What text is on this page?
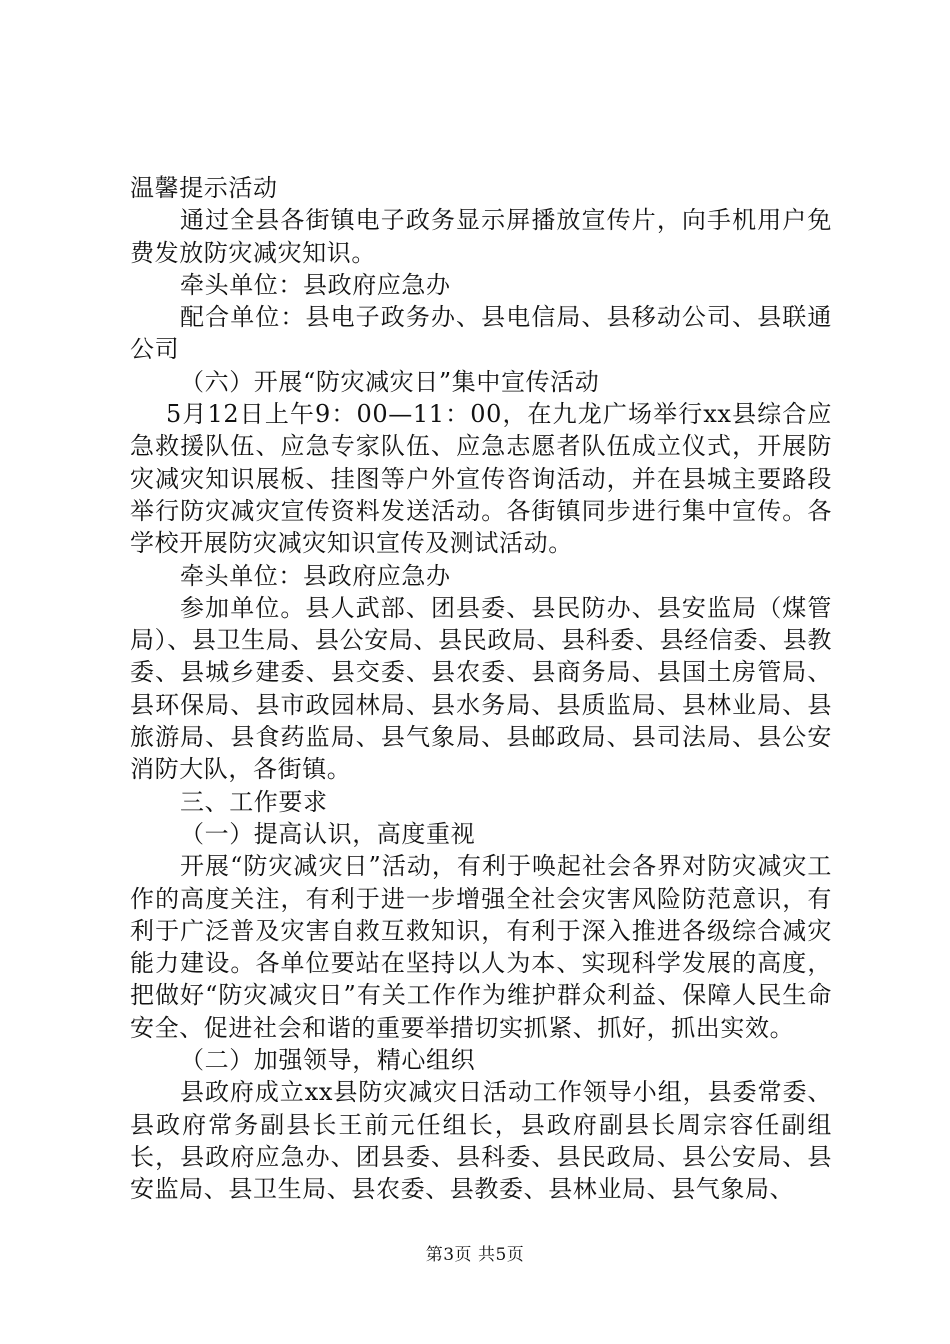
温馨提示活动

通过全县各街镇电子政务显示屏播放宣传片，向手机用户免费发放防灾减灾知识。

牵头单位：县政府应急办

配合单位：县电子政务办、县电信局、县移动公司、县联通公司

（六）开展“防灾减灾日”集中宣传活动

5月12日上午9：00—11：00，在九龙广场举行xx县综合应急救援队伍、应急专家队伍、应急志愿者队伍成立仪式，开展防灾减灾知识展板、挂图等户外宣传咨询活动，并在县城主要路段举行防灾减灾宣传资料发送活动。各街镇同步进行集中宣传。各学校开展防灾减灾知识宣传及测试活动。

牵头单位：县政府应急办

参加单位。县人武部、团县委、县民防办、县安监局（煤管局）、县卫生局、县公安局、县民政局、县科委、县经信委、县教委、县城乡建委、县交委、县农委、县商务局、县国土房管局、县环保局、县市政园林局、县水务局、县质监局、县林业局、县旅游局、县食药监局、县气象局、县邮政局、县司法局、县公安消防大队，各街镇。

三、工作要求

（一）提高认识，高度重视

开展“防灾减灾日”活动，有利于唤起社会各界对防灾减灾工作的高度关注，有利于进一步增强全社会灾害风险防范意识，有利于广泛普及灾害自救互救知识，有利于深入推进各级综合减灾能力建设。各单位要站在坚持以人为本、实现科学发展的高度，把做好“防灾减灾日”有关工作作为维护群众利益、保障人民生命安全、促进社会和谐的重要举措切实抓紧、抓好，抓出实效。

（二）加强领导，精心组织

县政府成立xx县防灾减灾日活动工作领导小组，县委常委、县政府常务副县长王前元任组长，县政府副县长周宗容任副组长，县政府应急办、团县委、县科委、县民政局、县公安局、县安监局、县卫生局、县农委、县教委、县林业局、县气象局、

第3页 共5页
